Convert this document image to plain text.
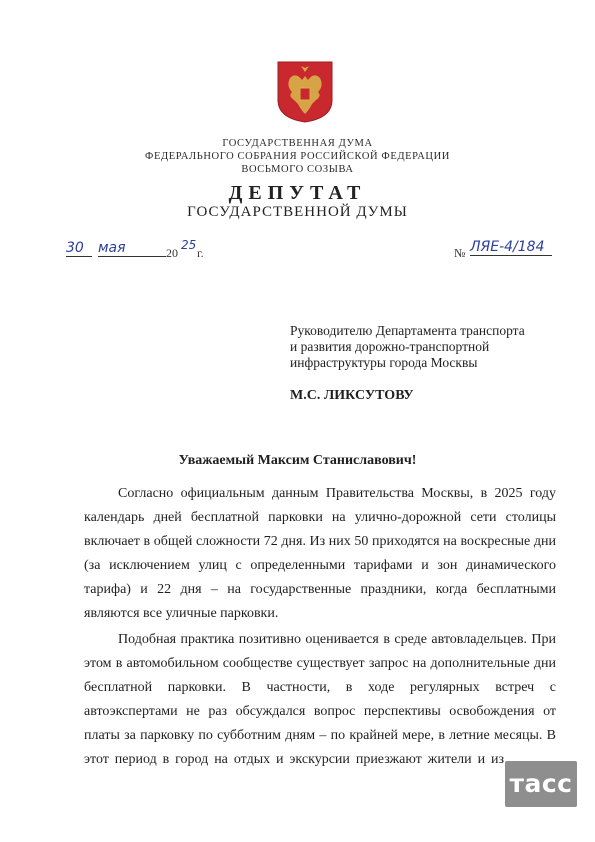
ГОСУДАРСТВЕННАЯ ДУМА
ФЕДЕРАЛЬНОГО СОБРАНИЯ РОССИЙСКОЙ ФЕДЕРАЦИИ
ВОСЬМОГО СОЗЫВА
ДЕПУТАТ
ГОСУДАРСТВЕННОЙ ДУМЫ
30	мая	20
25
г.	№ ЛЯЕ-4/184
Руководителю Департамента транспорта
и развития дорожно-транспортной
инфраструктуры города Москвы
М.С. ЛИКСУТОВУ
Уважаемый Максим Станиславович!
Согласно официальным данным Правительства Москвы, в 2025 году
календарь дней бесплатной парковки на улично-дорожной сети столицы
включает в общей сложности 72 дня. Из них 50 приходятся на воскресные дни
(за исключением улиц с определенными тарифами и зон динамического
тарифа) и 22 дня – на государственные праздники, когда бесплатными
являются все уличные парковки.
Подобная практика позитивно оценивается в среде автовладельцев. При
этом в автомобильном сообществе существует запрос на дополнительные дни
бесплатной парковки. В частности, в ходе регулярных встреч с
автоэкспертами не раз обсуждался вопрос перспективы освобождения от
платы за парковку по субботним дням – по крайней мере, в летние месяцы. В
этот период в город на отдых и экскурсии приезжают жители и из
тасс
